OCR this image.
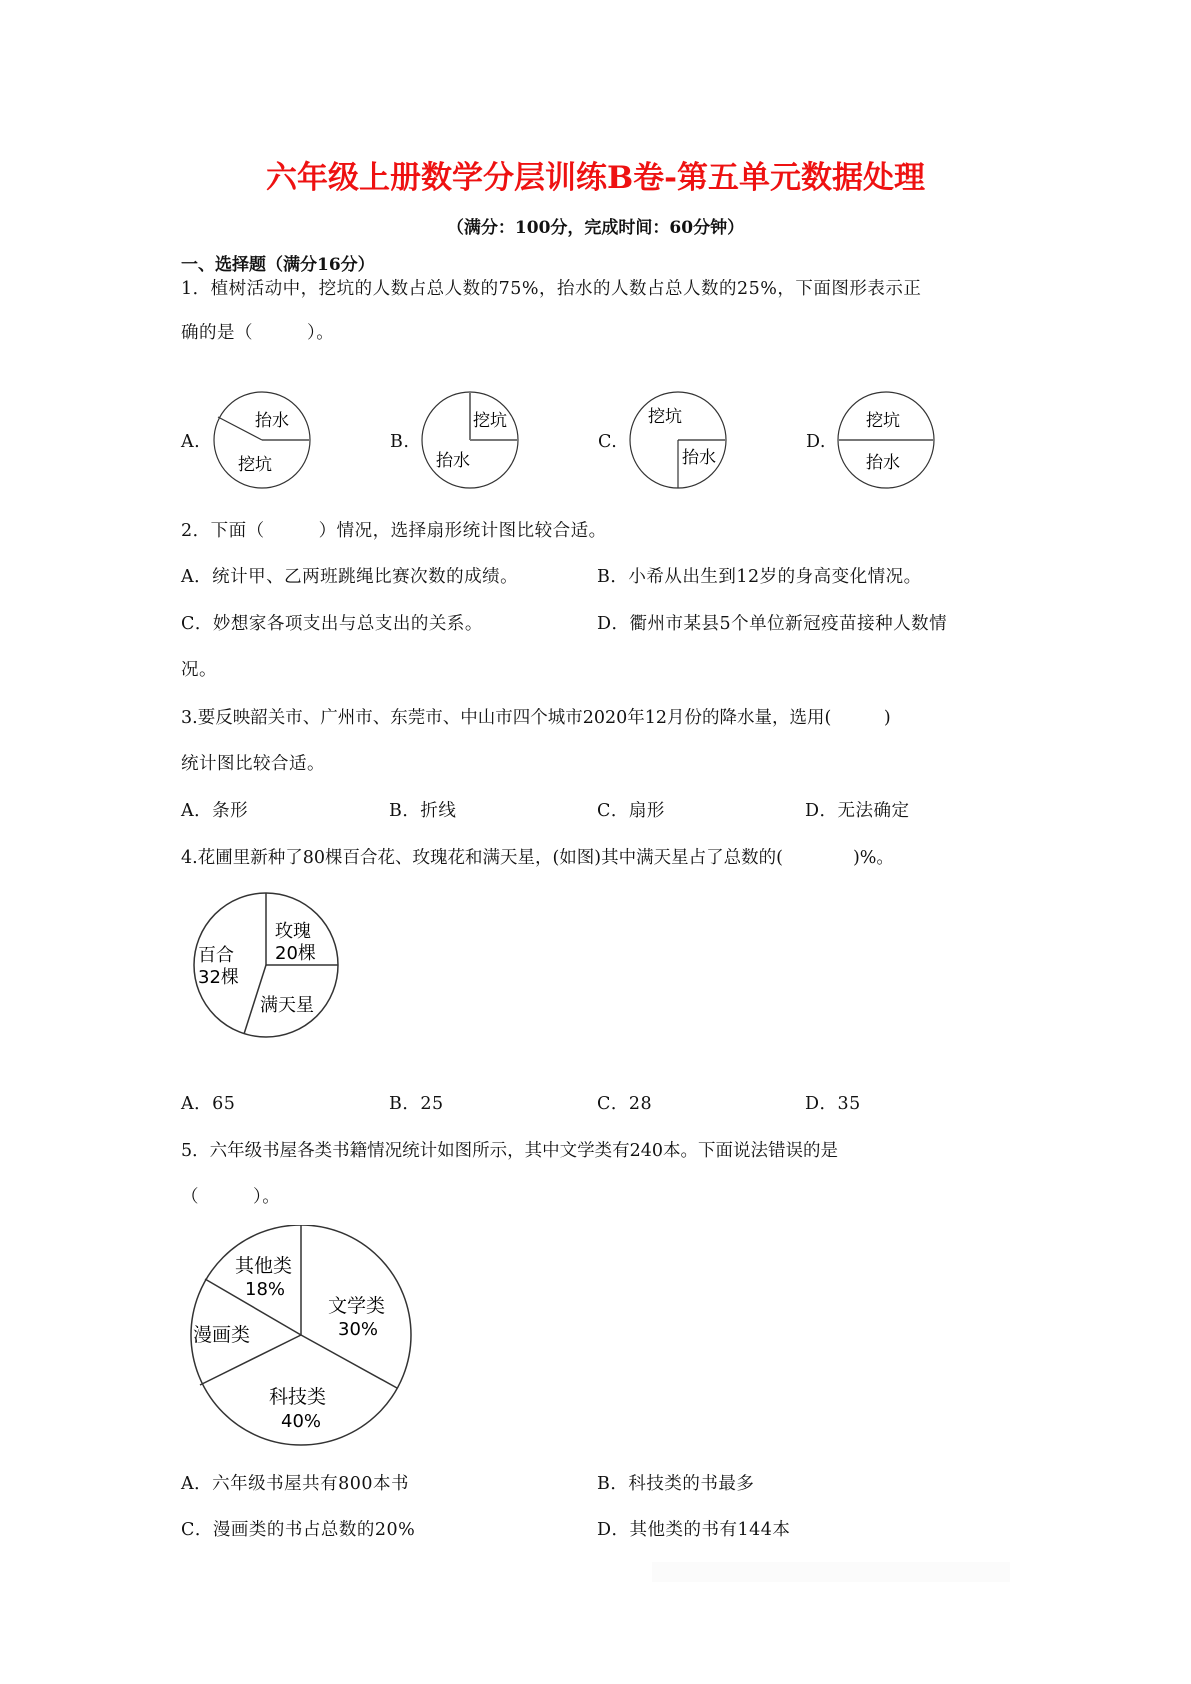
六年级上册数学分层训练B卷-第五单元数据处理
（满分：100分，完成时间：60分钟）
一、选择题（满分16分）
1．植树活动中，挖坑的人数占总人数的75%，抬水的人数占总人数的25%，下面图形表示正
确的是（　　　）。
A.
抬水
挖坑
B.
挖坑
抬水
C.
挖坑
抬水
D.
挖坑
抬水
2．下面（　　　）情况，选择扇形统计图比较合适。
A．统计甲、乙两班跳绳比赛次数的成绩。	B．小希从出生到12岁的身高变化情况。
C．妙想家各项支出与总支出的关系。	D．衢州市某县5个单位新冠疫苗接种人数情
况。
3.要反映韶关市、广州市、东莞市、中山市四个城市2020年12月份的降水量，选用(　　　)
统计图比较合适。
A．条形	B．折线	C．扇形	D．无法确定
4.花圃里新种了80棵百合花、玫瑰花和满天星，(如图)其中满天星占了总数的(　　　　)%。
玫瑰
20棵
百合
32棵
满天星
A．65	B．25	C．28	D．35
5．六年级书屋各类书籍情况统计如图所示，其中文学类有240本。下面说法错误的是
（　　　）。
其他类
18%
文学类
30%
漫画类
科技类
40%
A．六年级书屋共有800本书	B．科技类的书最多
C．漫画类的书占总数的20%	D．其他类的书有144本
